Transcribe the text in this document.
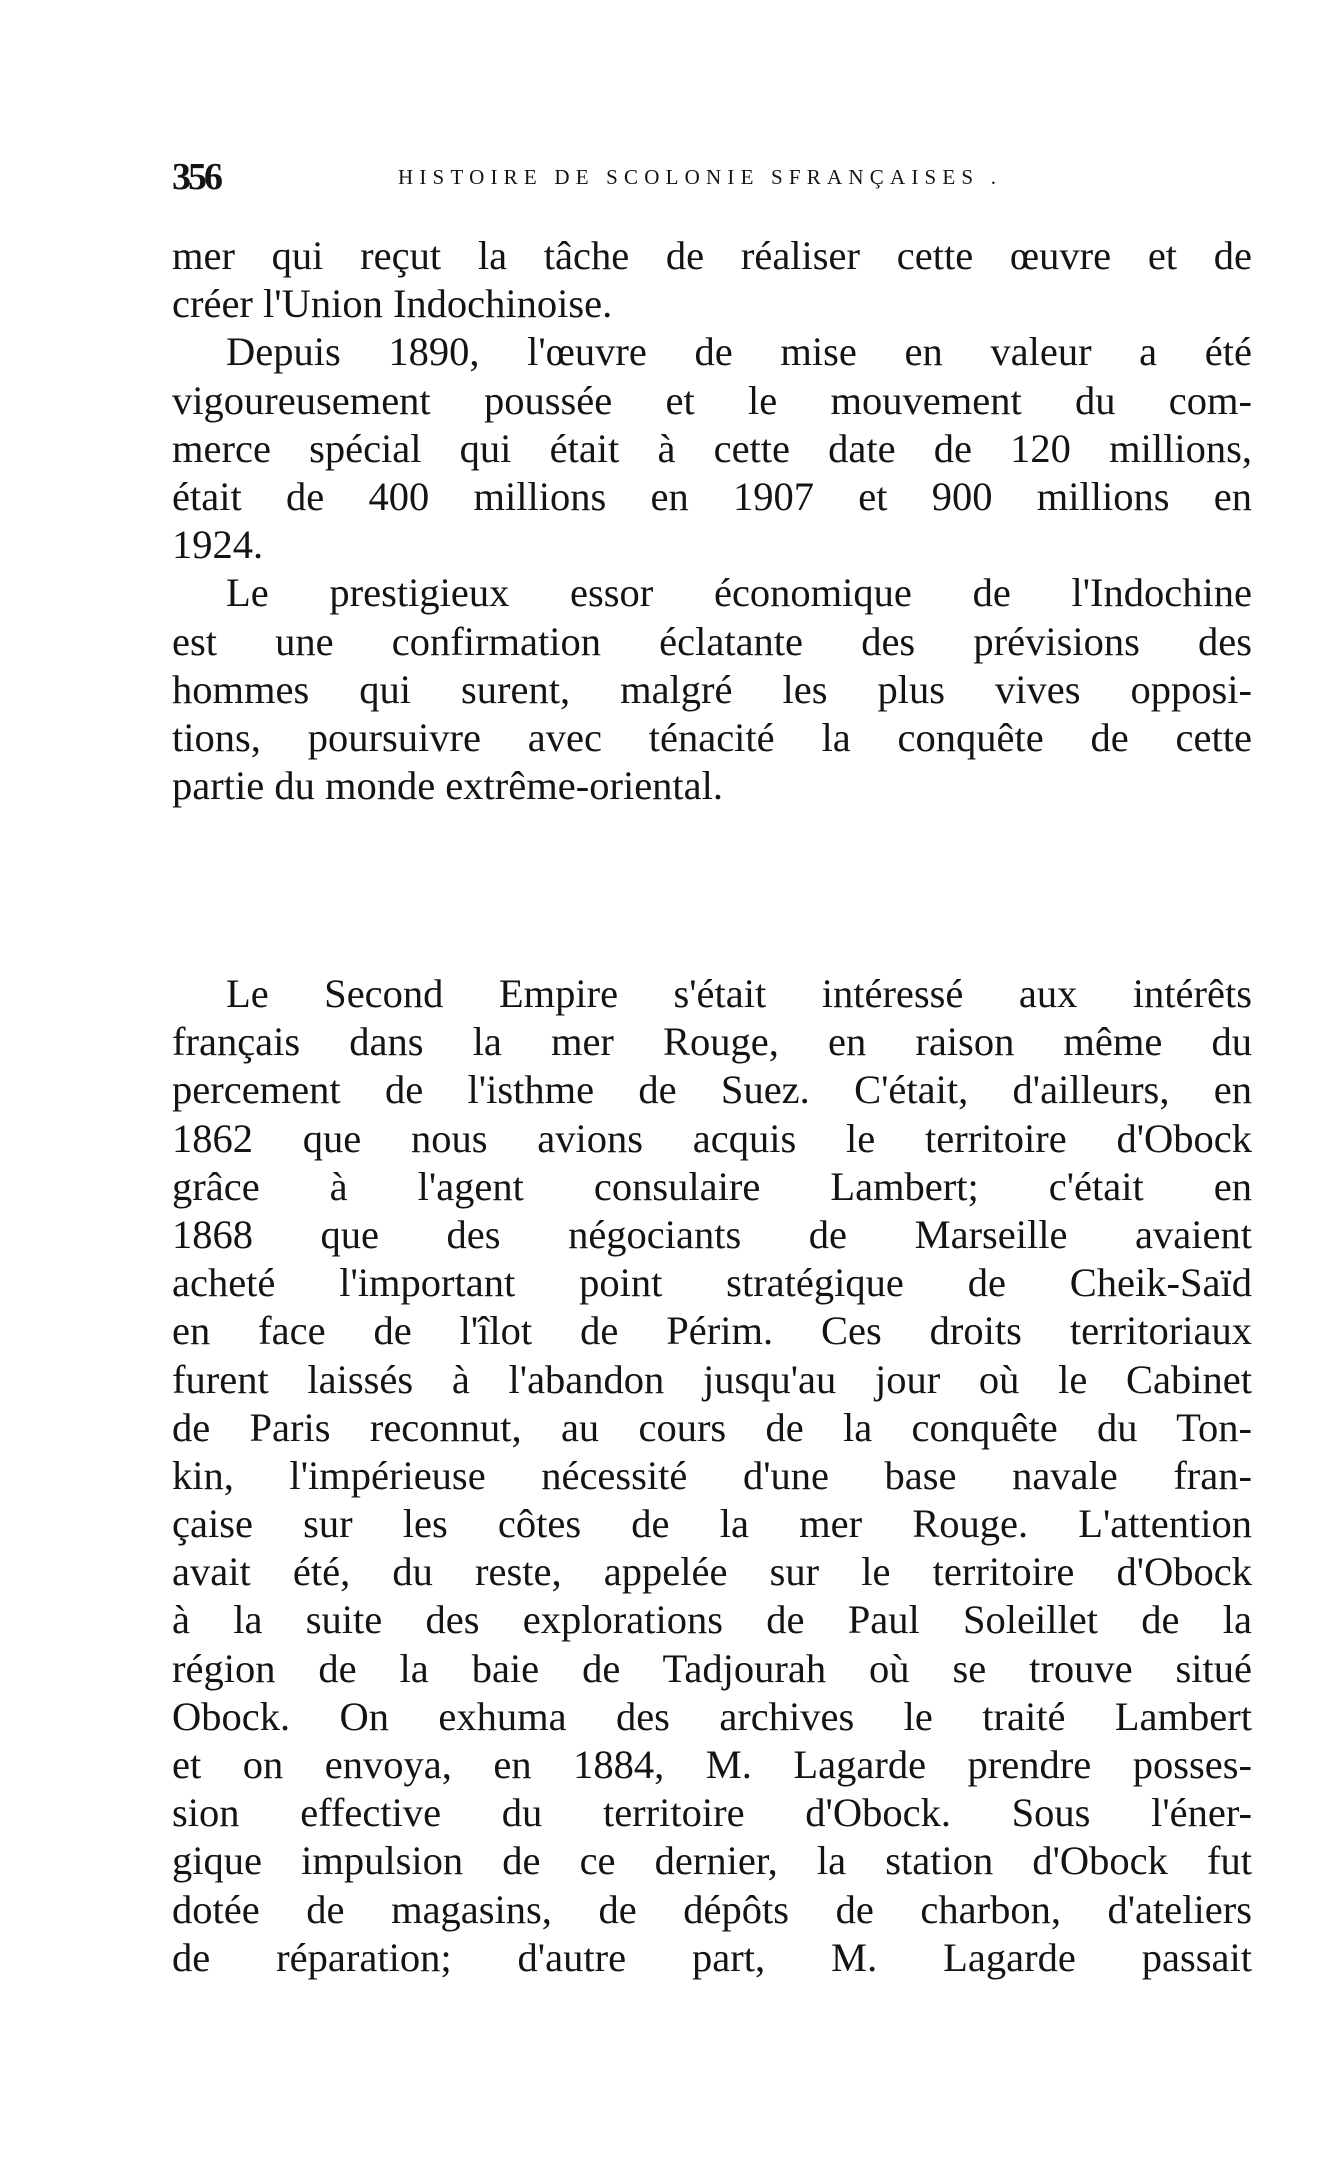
356	HISTOIRE DE SCOLONIE SFRANÇAISES .
mer qui reçut la tâche de réaliser cette œuvre et de
créer l'Union Indochinoise.
Depuis 1890, l'œuvre de mise en valeur a été
vigoureusement poussée et le mouvement du com-
merce spécial qui était à cette date de 120 millions,
était de 400 millions en 1907 et 900 millions en
1924.
Le prestigieux essor économique de l'Indochine
est une confirmation éclatante des prévisions des
hommes qui surent, malgré les plus vives opposi-
tions, poursuivre avec ténacité la conquête de cette
partie du monde extrême-oriental.
Le Second Empire s'était intéressé aux intérêts
français dans la mer Rouge, en raison même du
percement de l'isthme de Suez. C'était, d'ailleurs, en
1862 que nous avions acquis le territoire d'Obock
grâce à l'agent consulaire Lambert; c'était en
1868 que des négociants de Marseille avaient
acheté l'important point stratégique de Cheik-Saïd
en face de l'îlot de Périm. Ces droits territoriaux
furent laissés à l'abandon jusqu'au jour où le Cabinet
de Paris reconnut, au cours de la conquête du Ton-
kin, l'impérieuse nécessité d'une base navale fran-
çaise sur les côtes de la mer Rouge. L'attention
avait été, du reste, appelée sur le territoire d'Obock
à la suite des explorations de Paul Soleillet de la
région de la baie de Tadjourah où se trouve situé
Obock. On exhuma des archives le traité Lambert
et on envoya, en 1884, M. Lagarde prendre posses-
sion effective du territoire d'Obock. Sous l'éner-
gique impulsion de ce dernier, la station d'Obock fut
dotée de magasins, de dépôts de charbon, d'ateliers
de réparation; d'autre part, M. Lagarde passait
